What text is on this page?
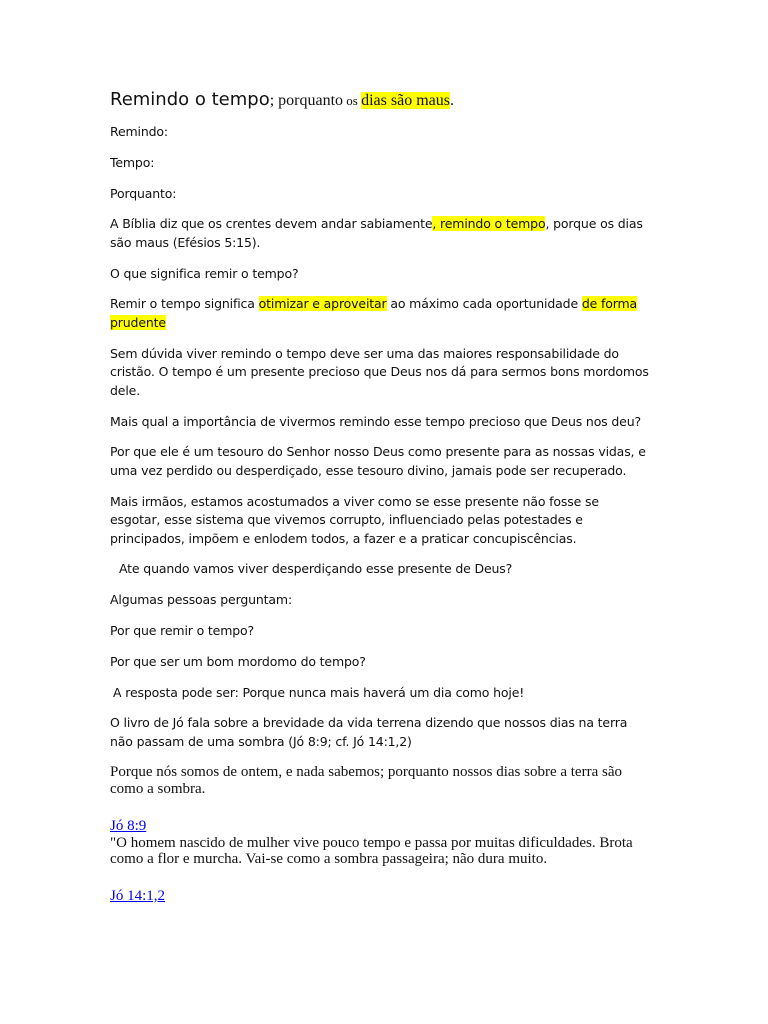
Remindo o tempo; porquanto os dias são maus.

Remindo:

Tempo:

Porquanto:

A Bíblia diz que os crentes devem andar sabiamente, remindo o tempo, porque os dias são maus (Efésios 5:15).

O que significa remir o tempo?

Remir o tempo significa otimizar e aproveitar ao máximo cada oportunidade de forma prudente

Sem dúvida viver remindo o tempo deve ser uma das maiores responsabilidade do cristão. O tempo é um presente precioso que Deus nos dá para sermos bons mordomos dele.

Mais qual a importância de vivermos remindo esse tempo precioso que Deus nos deu?

Por que ele é um tesouro do Senhor nosso Deus como presente para as nossas vidas, e uma vez perdido ou desperdiçado, esse tesouro divino, jamais pode ser recuperado.

Mais irmãos, estamos acostumados a viver como se esse presente não fosse se esgotar, esse sistema que vivemos corrupto, influenciado pelas potestades e principados, impõem e enlodem todos, a fazer e a praticar concupiscências.

Ate quando vamos viver desperdiçando esse presente de Deus?

Algumas pessoas perguntam:

Por que remir o tempo?

Por que ser um bom mordomo do tempo?

A resposta pode ser: Porque nunca mais haverá um dia como hoje!

O livro de Jó fala sobre a brevidade da vida terrena dizendo que nossos dias na terra não passam de uma sombra (Jó 8:9; cf. Jó 14:1,2)

Porque nós somos de ontem, e nada sabemos; porquanto nossos dias sobre a terra são como a sombra.

Jó 8:9

"O homem nascido de mulher vive pouco tempo e passa por muitas dificuldades. Brota como a flor e murcha. Vai-se como a sombra passageira; não dura muito.

Jó 14:1,2
